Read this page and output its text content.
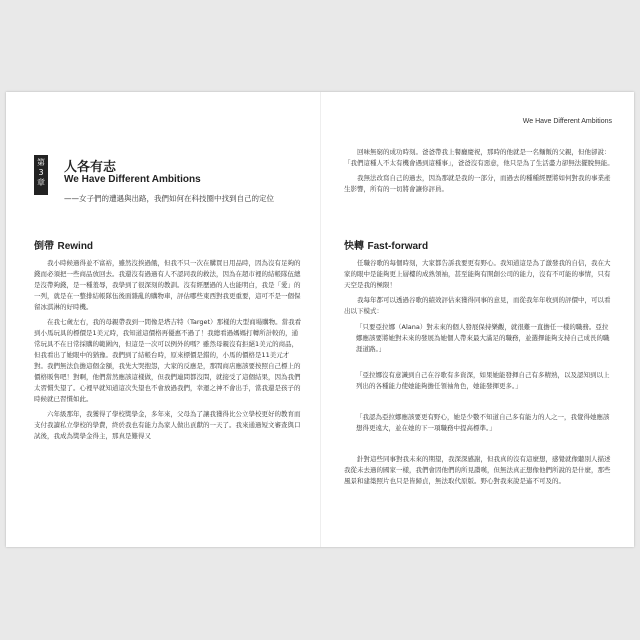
第
3
章
人各有志
We Have Different Ambitions
——女子們的遭遇與出路，我們如何在科技圈中找到自己的定位
倒帶 Rewind

我小時候過得並不富裕，雖然沒挨過餓，但我不只一次在購買日用品時，因為沒有足夠的錢而必須把一些商品放回去。我還沒有過過有人不認同我的救法，因為在超市裡的結帳隊伍總是沒帶夠錢，是一種羞辱，我學到了很深刻的教訓。沒有經歷過的人也能明白，我是「愛」的一列，就是在一整排結帳隊伍後面雜亂的購物車，評估哪些東西對我更重要，這可不是一個保留冰淇淋的好時機。

在我七歲左右，我的母親帶我到一間像是塔吉特（Target）那樣的大型商場購物。當我看到小馬玩具的標價是1美元時，我知道這價格再優惠不過了！我總看過媽媽打轉所計較的，通常玩具不在日常採購的範圍內，但這是一次可以例外的嗎？雖然母親沒有拒絕1美元的商品，但我看出了她眼中的猶豫。我們到了結帳台時，原來標價是錯的，小馬的價格是11美元才對。我們無法負擔這個金額，我先大哭抱怨，大家的反應是，那間商店應該要按照自己標上的價格販售吧！對啊，他們當然應該這樣做，但我們連問都沒問，就接受了這個結果，因為我們太習慣失望了。心裡早就知道這次失望也不會放過我們，幸運之神不會出手，當我還是孩子的時候就已習慣如此。

六年級那年，我獲得了學校獎學金，多年來，父母為了讓我獲得比公立學校更好的教育而支付我讀私立學校的學費，終於我也有能力為家人做出貢獻的一天了。我來通過短文審查與口試後，我成為獎學金得主，那真是難得又

We Have Different Ambitions

回味無窮的成功時刻。爸爸帶我上餐廳慶祝，那時的他就是一名麵飯的父親，但他卻說：「我們這種人不太有機會遇到這種事」，爸爸沒有惡意，他只是為了生活盡力卻無法擺脫無能。

我無法改寫自己的過去，因為那就是我的一部分，而過去的種種經歷將如何對我的事業產生影響，所有的一切將會讓你評員。

快轉 Fast-forward

任職谷歌的每個時刻，大家都告訴我要更有野心。我知道這是為了激發我的自信，我在大家的眼中是能夠更上層樓的成熟領袖，甚至能夠有開創公司的能力，沒有不可能的事情，只有天空是我的極限！

我每年都可以透過谷歌的績效評估來獲得同事的意見，而從我年年收到的評價中，可以看出以下模式：

「只要亞拉娜（Alana）對未來的個人發展保持樂觀，就很難一直擔任一樣的職務。亞拉娜應該要將她對未來的發展為她個人帶來最大滿足的職務，並選擇能夠支持自己成長的職涯道路。」
「亞拉娜沒有意識到自己在谷歌有多資深，如果她能發揮自己有多精熟，以及認知到以上列出的各種能力使她能夠擔任領袖角色，她能發揮更多。」
「我認為亞拉娜應該要更有野心，她是少數不知道自己多有能力的人之一，我覺得她應該想得更遠大，並在她的下一項職務中提高標準。」

針對這些同事對我未來的期望，我深深感謝，但我真的沒有這麼想，感覺就像聽別人描述我從未去過的國家一樣，我們會因他們的所見讚嘆，但無法真正想像他們所說的是什麼，那些風景和建築照片也只是皆歸貞，無法取代原版。野心對我來說是遙不可及的。
